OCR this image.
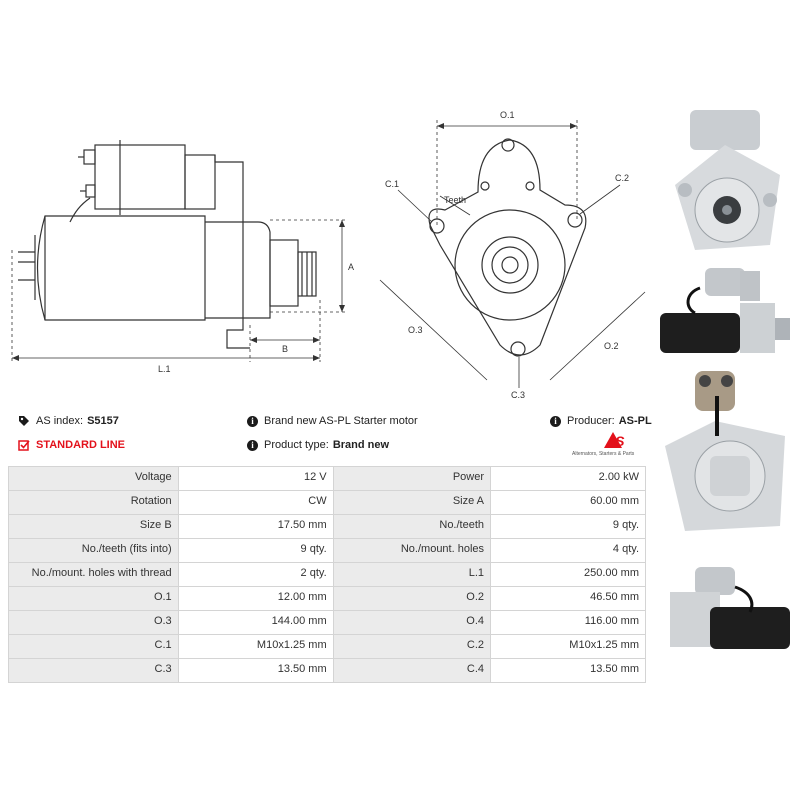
A
B
L.1
O.1
C.1
C.2
Teeth
O.3
O.2
C.3
AS index: S5157	i Brand new AS-PL Starter motor	i Producer: AS-PL
STANDARD LINE	i Product type: Brand new	AS
Alternators, Starters & Parts
Voltage	12 V	Power	2.00 kW
Rotation	CW	Size A	60.00 mm
Size B	17.50 mm	No./teeth	9 qty.
No./teeth (fits into)	9 qty.	No./mount. holes	4 qty.
No./mount. holes with thread	2 qty.	L.1	250.00 mm
O.1	12.00 mm	O.2	46.50 mm
O.3	144.00 mm	O.4	116.00 mm
C.1	M10x1.25 mm	C.2	M10x1.25 mm
C.3	13.50 mm	C.4	13.50 mm
